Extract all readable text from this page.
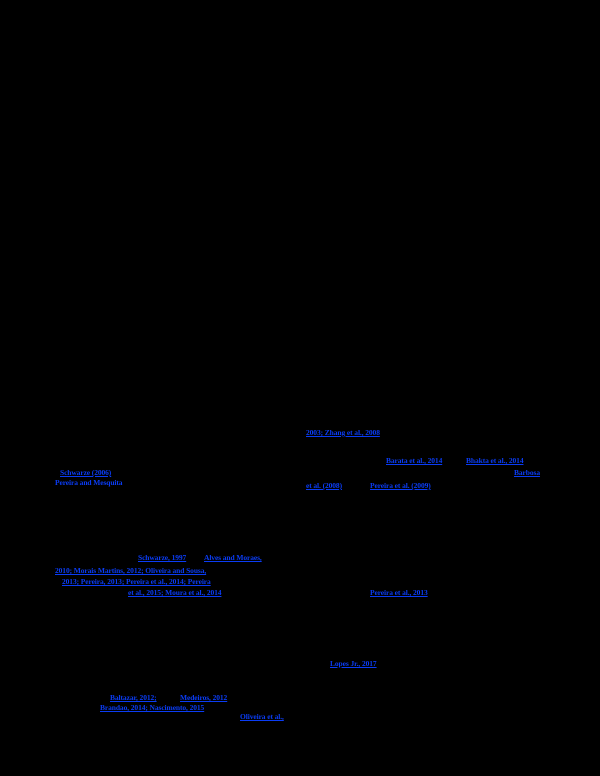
2003; Zhang et al., 2008
Barata et al., 2014	Bhakta et al., 2014
Barbosa
et al. (2008)	Pereira et al. (2009)
Schwarze (2006)
Pereira and Mesquita
Schwarze, 1997 Alves and Moraes,
2010; Morais Martins, 2012; Oliveira and Sousa,
2013; Pereira, 2013; Pereira et al., 2014; Pereira
et al., 2015; Moura et al., 2014	Pereira et al., 2013
Lopes Jr., 2017
Baltazar, 2012;	Medeiros, 2012
Brandao, 2014; Nascimento, 2015
Oliveira et al.,
